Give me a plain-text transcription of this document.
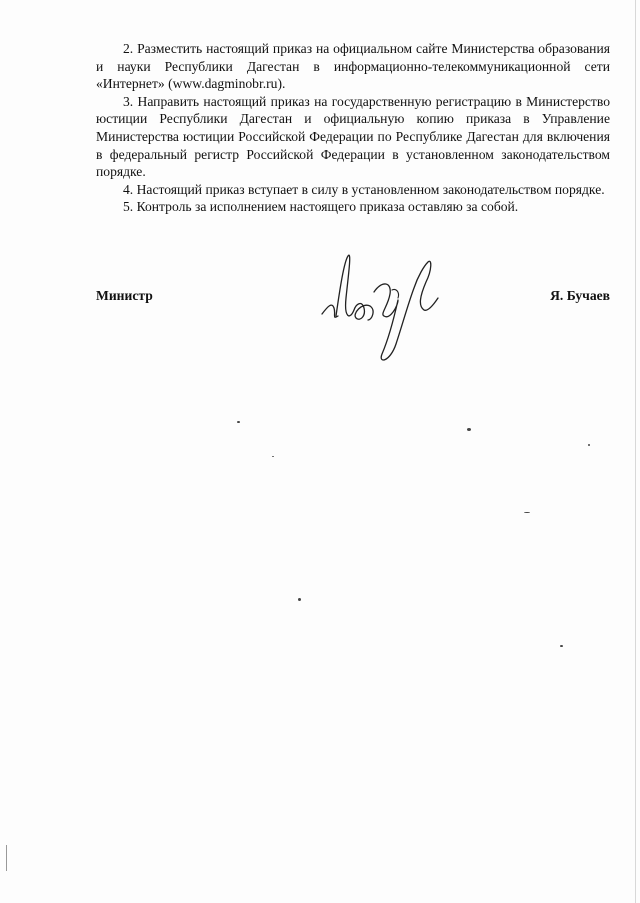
2. Разместить настоящий приказ на официальном сайте Министерства образования и науки Республики Дагестан в информационно-телекоммуникационной сети «Интернет» (www.dagminobr.ru).

3. Направить настоящий приказ на государственную регистрацию в Министерство юстиции Республики Дагестан и официальную копию приказа в Управление Министерства юстиции Российской Федерации по Республике Дагестан для включения в федеральный регистр Российской Федерации в установленном законодательством порядке.

4. Настоящий приказ вступает в силу в установленном законодательством порядке.

5. Контроль за исполнением настоящего приказа оставляю за собой.

Министр	Я. Бучаев
